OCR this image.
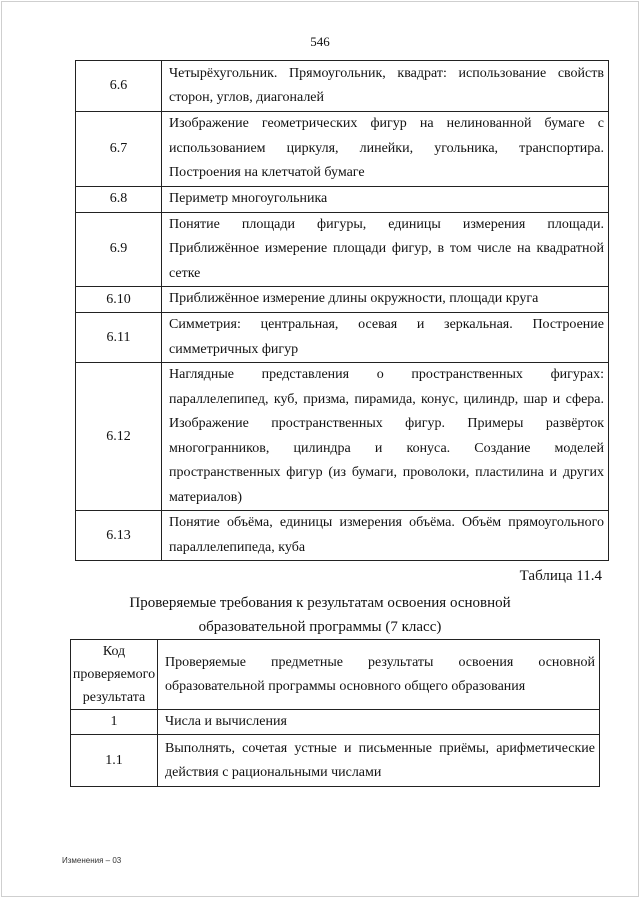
546
6.6	Четырёхугольник. Прямоугольник, квадрат: использование свойств сторон, углов, диагоналей
6.7	Изображение геометрических фигур на нелинованной бумаге с использованием циркуля, линейки, угольника, транспортира. Построения на клетчатой бумаге
6.8	Периметр многоугольника
6.9	Понятие площади фигуры, единицы измерения площади. Приближённое измерение площади фигур, в том числе на квадратной сетке
6.10	Приближённое измерение длины окружности, площади круга
6.11	Симметрия: центральная, осевая и зеркальная. Построение симметричных фигур
6.12	Наглядные представления о пространственных фигурах: параллелепипед, куб, призма, пирамида, конус, цилиндр, шар и сфера. Изображение пространственных фигур. Примеры развёрток многогранников, цилиндра и конуса. Создание моделей пространственных фигур (из бумаги, проволоки, пластилина и других материалов)
6.13	Понятие объёма, единицы измерения объёма. Объём прямоугольного параллелепипеда, куба
Таблица 11.4
Проверяемые требования к результатам освоения основной
образовательной программы (7 класс)
Код проверяемого результата	Проверяемые предметные результаты освоения основной образовательной программы основного общего образования
1	Числа и вычисления
1.1	Выполнять, сочетая устные и письменные приёмы, арифметические действия с рациональными числами
Изменения – 03
